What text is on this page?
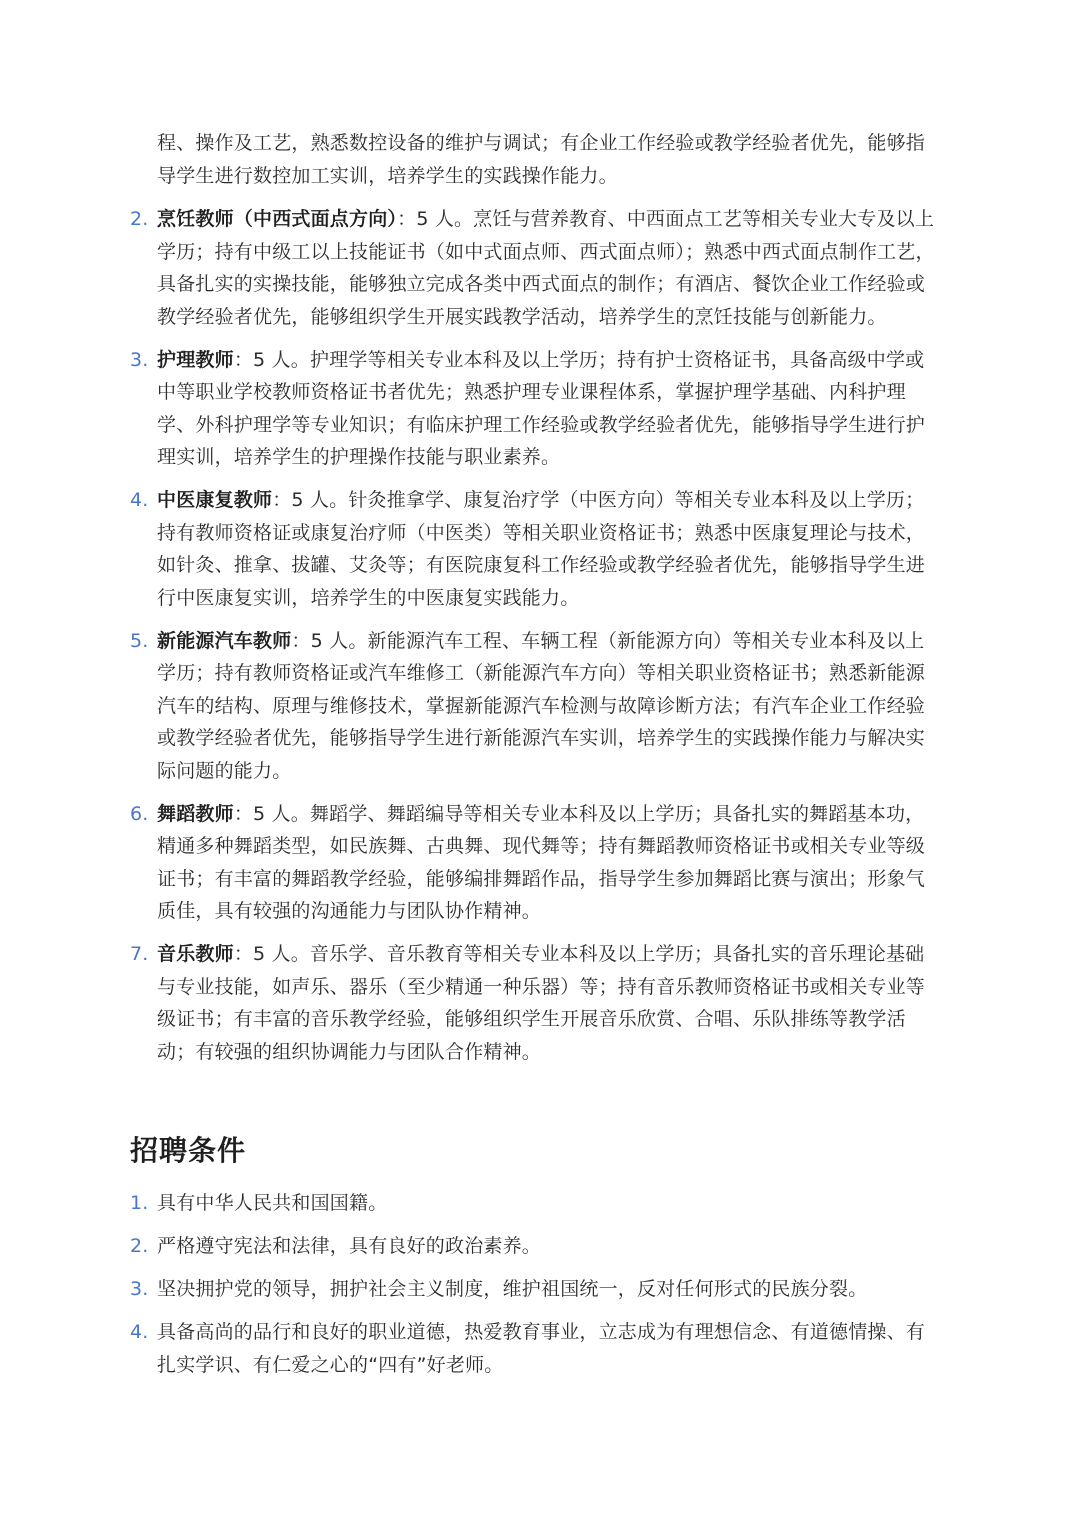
程、操作及工艺，熟悉数控设备的维护与调试；有企业工作经验或教学经验者优先，能够指导学生进行数控加工实训，培养学生的实践操作能力。

2. 烹饪教师（中西式面点方向）：5 人。烹饪与营养教育、中西面点工艺等相关专业大专及以上学历；持有中级工以上技能证书（如中式面点师、西式面点师）；熟悉中西式面点制作工艺，具备扎实的实操技能，能够独立完成各类中西式面点的制作；有酒店、餐饮企业工作经验或教学经验者优先，能够组织学生开展实践教学活动，培养学生的烹饪技能与创新能力。
3. 护理教师：5 人。护理学等相关专业本科及以上学历；持有护士资格证书，具备高级中学或中等职业学校教师资格证书者优先；熟悉护理专业课程体系，掌握护理学基础、内科护理学、外科护理学等专业知识；有临床护理工作经验或教学经验者优先，能够指导学生进行护理实训，培养学生的护理操作技能与职业素养。
4. 中医康复教师：5 人。针灸推拿学、康复治疗学（中医方向）等相关专业本科及以上学历；持有教师资格证或康复治疗师（中医类）等相关职业资格证书；熟悉中医康复理论与技术，如针灸、推拿、拔罐、艾灸等；有医院康复科工作经验或教学经验者优先，能够指导学生进行中医康复实训，培养学生的中医康复实践能力。
5. 新能源汽车教师：5 人。新能源汽车工程、车辆工程（新能源方向）等相关专业本科及以上学历；持有教师资格证或汽车维修工（新能源汽车方向）等相关职业资格证书；熟悉新能源汽车的结构、原理与维修技术，掌握新能源汽车检测与故障诊断方法；有汽车企业工作经验或教学经验者优先，能够指导学生进行新能源汽车实训，培养学生的实践操作能力与解决实际问题的能力。
6. 舞蹈教师：5 人。舞蹈学、舞蹈编导等相关专业本科及以上学历；具备扎实的舞蹈基本功，精通多种舞蹈类型，如民族舞、古典舞、现代舞等；持有舞蹈教师资格证书或相关专业等级证书；有丰富的舞蹈教学经验，能够编排舞蹈作品，指导学生参加舞蹈比赛与演出；形象气质佳，具有较强的沟通能力与团队协作精神。
7. 音乐教师：5 人。音乐学、音乐教育等相关专业本科及以上学历；具备扎实的音乐理论基础与专业技能，如声乐、器乐（至少精通一种乐器）等；持有音乐教师资格证书或相关专业等级证书；有丰富的音乐教学经验，能够组织学生开展音乐欣赏、合唱、乐队排练等教学活动；有较强的组织协调能力与团队合作精神。
招聘条件
1. 具有中华人民共和国国籍。
2. 严格遵守宪法和法律，具有良好的政治素养。
3. 坚决拥护党的领导，拥护社会主义制度，维护祖国统一，反对任何形式的民族分裂。
4. 具备高尚的品行和良好的职业道德，热爱教育事业，立志成为有理想信念、有道德情操、有扎实学识、有仁爱之心的“四有”好老师。
